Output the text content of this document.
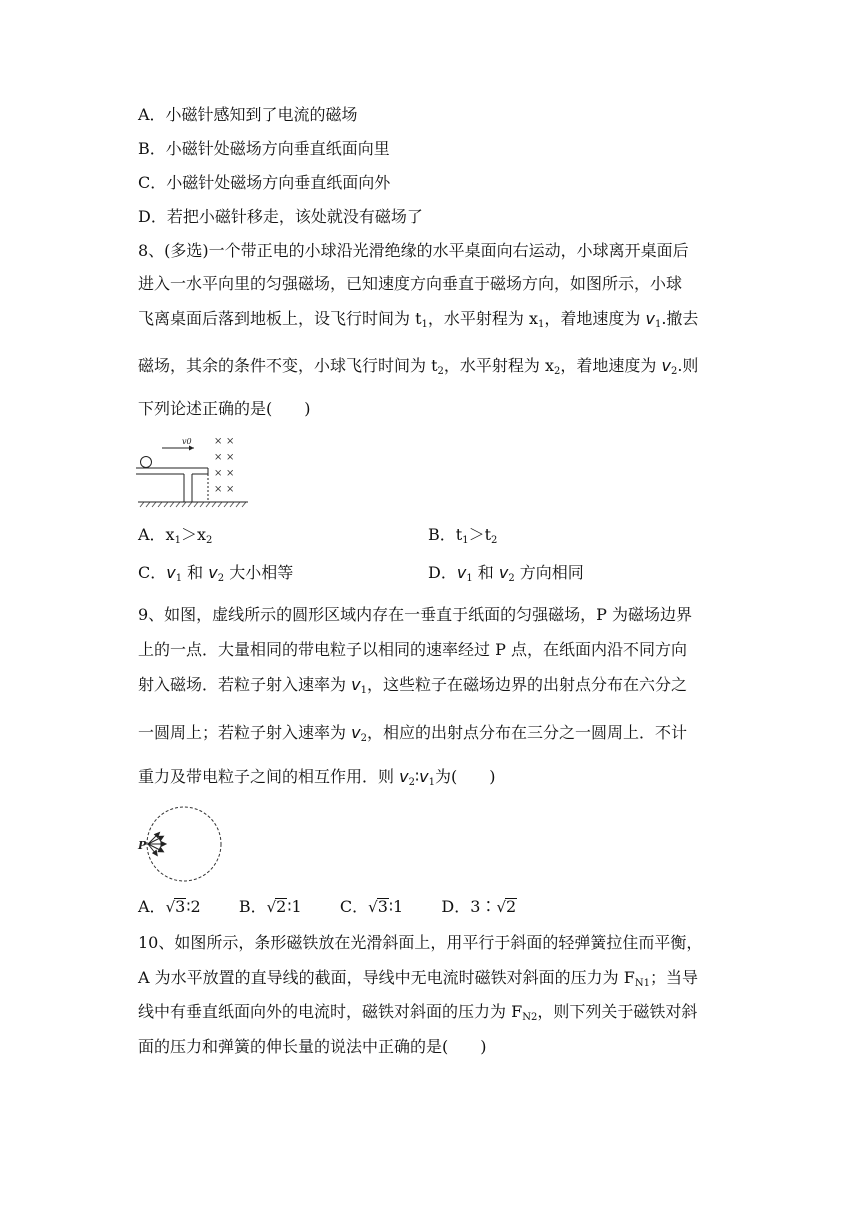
A．小磁针感知到了电流的磁场
B．小磁针处磁场方向垂直纸面向里
C．小磁针处磁场方向垂直纸面向外
D．若把小磁针移走，该处就没有磁场了
8、(多选)一个带正电的小球沿光滑绝缘的水平桌面向右运动，小球离开桌面后
进入一水平向里的匀强磁场，已知速度方向垂直于磁场方向，如图所示，小球
飞离桌面后落到地板上，设飞行时间为 $t_1$，水平射程为 $x_1$，着地速度为 $v_1$.撤去
磁场，其余的条件不变，小球飞行时间为 $t_2$，水平射程为 $x_2$，着地速度为 $v_2$.则
下列论述正确的是(　　)
v0 × ×
× ×
× ×
× ×
A．$x_1>x_2$	B．$t_1>t_2$
C．$v_1$ 和 $v_2$ 大小相等	D．$v_1$ 和 $v_2$ 方向相同
9、如图，虚线所示的圆形区域内存在一垂直于纸面的匀强磁场，P 为磁场边界
上的一点．大量相同的带电粒子以相同的速率经过 P 点，在纸面内沿不同方向
射入磁场．若粒子射入速率为 $v_1$，这些粒子在磁场边界的出射点分布在六分之
一圆周上；若粒子射入速率为 $v_2$，相应的出射点分布在三分之一圆周上．不计
重力及带电粒子之间的相互作用．则 $v_2∶v_1$为(　　)
P
A．√3∶2 B．√2∶1 C．√3∶1 D．3∶√2
10、如图所示，条形磁铁放在光滑斜面上，用平行于斜面的轻弹簧拉住而平衡，
A 为水平放置的直导线的截面，导线中无电流时磁铁对斜面的压力为 $F_{N1}$；当导
线中有垂直纸面向外的电流时，磁铁对斜面的压力为 $F_{N2}$，则下列关于磁铁对斜
面的压力和弹簧的伸长量的说法中正确的是(　　)
